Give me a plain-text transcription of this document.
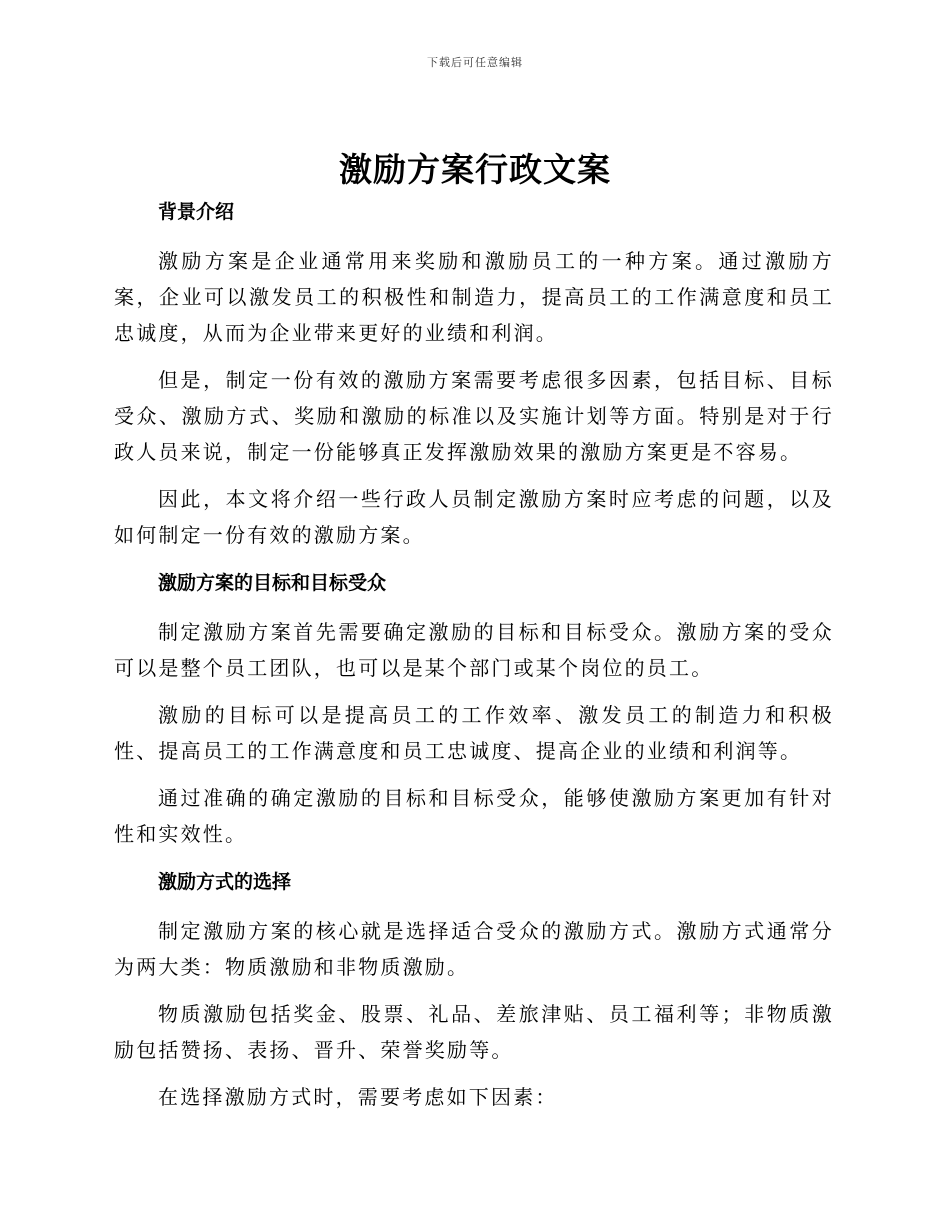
下载后可任意编辑
激励方案行政文案
背景介绍

激励方案是企业通常用来奖励和激励员工的一种方案。通过激励方案，企业可以激发员工的积极性和制造力，提高员工的工作满意度和员工忠诚度，从而为企业带来更好的业绩和利润。

但是，制定一份有效的激励方案需要考虑很多因素，包括目标、目标受众、激励方式、奖励和激励的标准以及实施计划等方面。特别是对于行政人员来说，制定一份能够真正发挥激励效果的激励方案更是不容易。

因此，本文将介绍一些行政人员制定激励方案时应考虑的问题，以及如何制定一份有效的激励方案。

激励方案的目标和目标受众

制定激励方案首先需要确定激励的目标和目标受众。激励方案的受众可以是整个员工团队，也可以是某个部门或某个岗位的员工。

激励的目标可以是提高员工的工作效率、激发员工的制造力和积极性、提高员工的工作满意度和员工忠诚度、提高企业的业绩和利润等。

通过准确的确定激励的目标和目标受众，能够使激励方案更加有针对性和实效性。

激励方式的选择

制定激励方案的核心就是选择适合受众的激励方式。激励方式通常分为两大类：物质激励和非物质激励。

物质激励包括奖金、股票、礼品、差旅津贴、员工福利等；非物质激励包括赞扬、表扬、晋升、荣誉奖励等。

在选择激励方式时，需要考虑如下因素：
